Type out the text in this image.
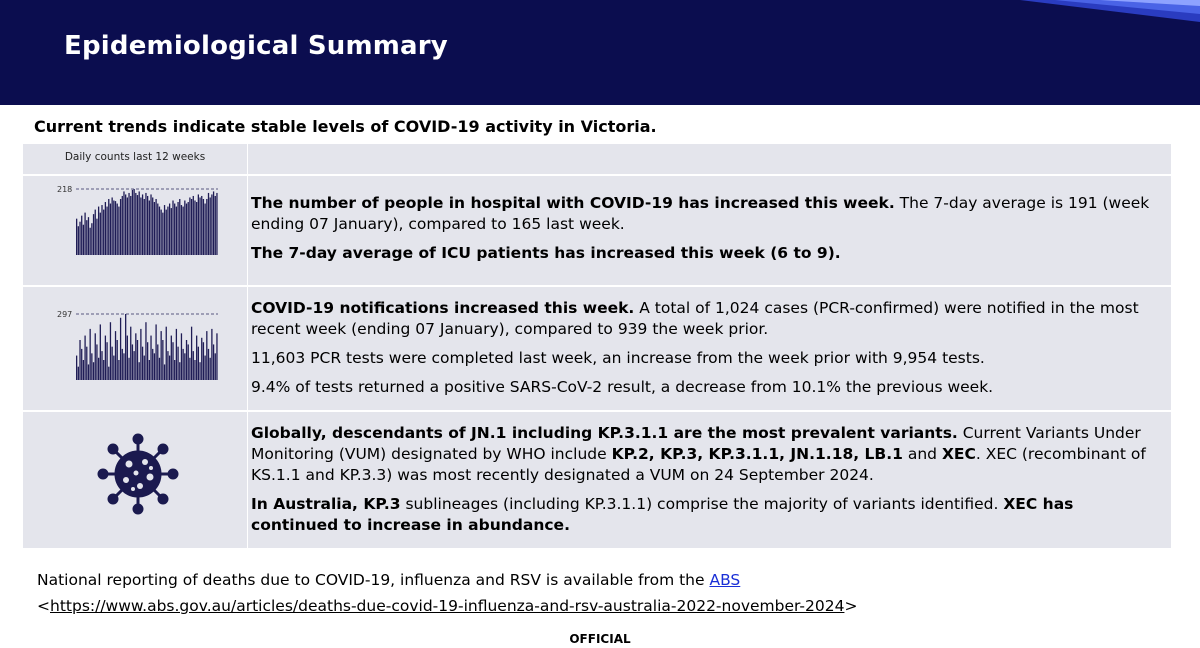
Epidemiological Summary

Current trends indicate stable levels of COVID-19 activity in Victoria.

Daily counts last 12 weeks
218
297

The number of people in hospital with COVID-19 has increased this week. The 7-day average is 191 (week ending 07 January), compared to 165 last week.

The 7-day average of ICU patients has increased this week (6 to 9).

COVID-19 notifications increased this week. A total of 1,024 cases (PCR-confirmed) were notified in the most recent week (ending 07 January), compared to 939 the week prior.

11,603 PCR tests were completed last week, an increase from the week prior with 9,954 tests.

9.4% of tests returned a positive SARS-CoV-2 result, a decrease from 10.1% the previous week.

Globally, descendants of JN.1 including KP.3.1.1 are the most prevalent variants. Current Variants Under Monitoring (VUM) designated by WHO include KP.2, KP.3, KP.3.1.1, JN.1.18, LB.1 and XEC. XEC (recombinant of KS.1.1 and KP.3.3) was most recently designated a VUM on 24 September 2024.

In Australia, KP.3 sublineages (including KP.3.1.1) comprise the majority of variants identified. XEC has continued to increase in abundance.

National reporting of deaths due to COVID-19, influenza and RSV is available from the ABS
<https://www.abs.gov.au/articles/deaths-due-covid-19-influenza-and-rsv-australia-2022-november-2024>
OFFICIAL
